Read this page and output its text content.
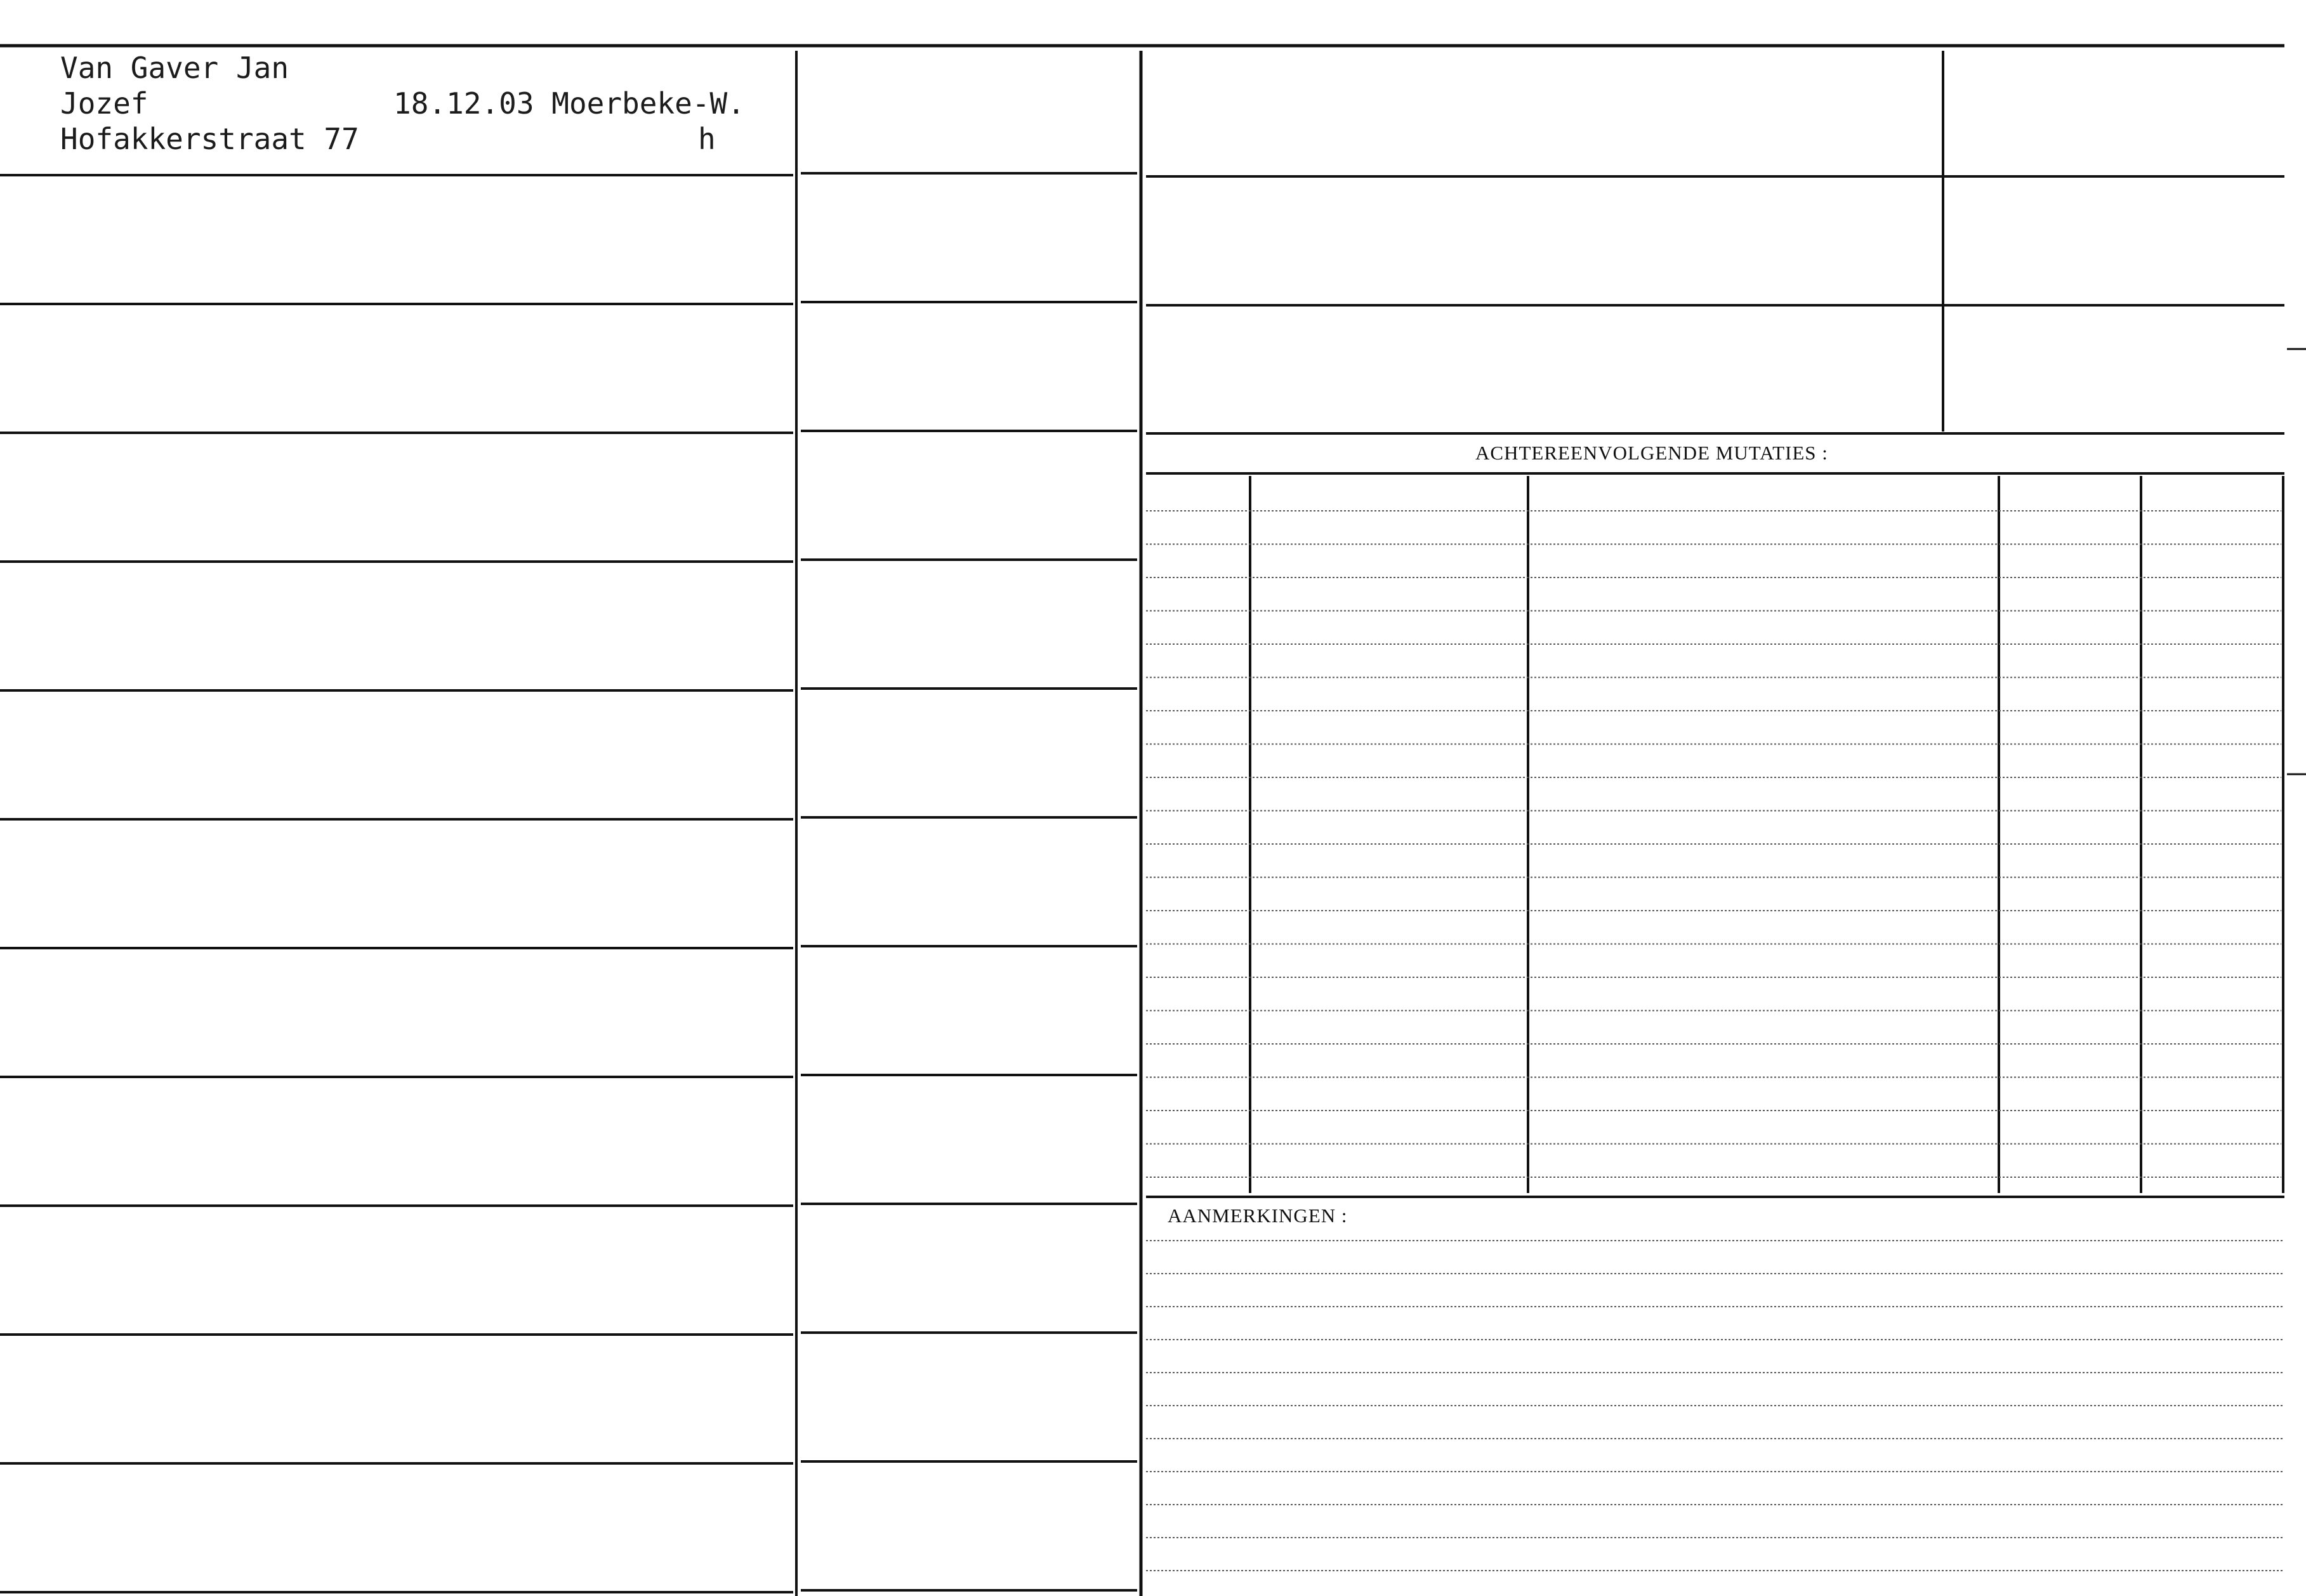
Van Gaver Jan
Jozef	18.12.03 Moerbeke-W.
Hofakkerstraat 77	h
ACHTEREENVOLGENDE MUTATIES :
AANMERKINGEN :
